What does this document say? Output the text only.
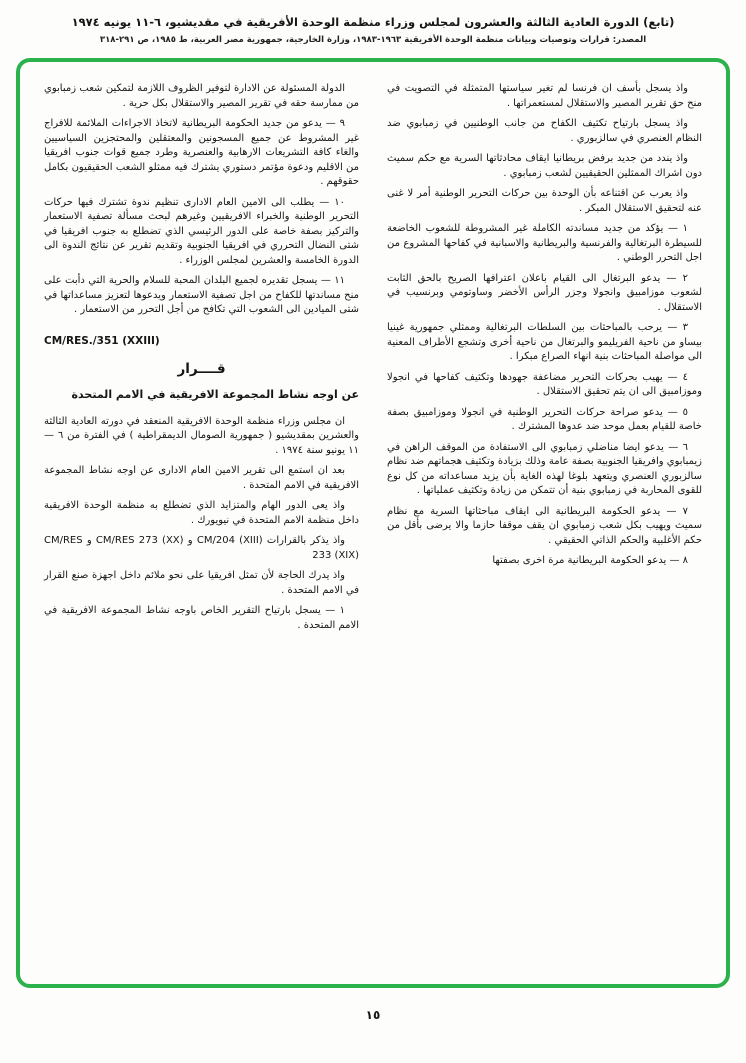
(تابع) الدورة العادية الثالثة والعشرون لمجلس وزراء منظمة الوحدة الأفريقية في مقديشيو، ٦-١١ يونيه ١٩٧٤
المصدر: قرارات وتوصيات وبيانات منظمة الوحدة الأفريقية ١٩٦٣-١٩٨٣، وزارة الخارجية، جمهورية مصر العربية، ط ١٩٨٥، ص ٢٩١-٣١٨

واذ يسجل بأسف ان فرنسا لم تغير سياستها المتمثلة في التصويت في منح حق تقرير المصير والاستقلال لمستعمراتها .

واذ يسجل بارتياح تكثيف الكفاح من جانب الوطنيين في زمبابوي ضد النظام العنصري في سالزبوري .

واذ يندد من جديد برفض بريطانيا ايقاف محادثاتها السرية مع حكم سميث دون اشراك الممثلين الحقيقيين لشعب زمبابوي .

واذ يعرب عن اقتناعه بأن الوحدة بين حركات التحرير الوطنية أمر لا غنى عنه لتحقيق الاستقلال المبكر .

١ — يؤكد من جديد مساندته الكاملة غير المشروطة للشعوب الخاضعة للسيطرة البرتغالية والفرنسية والبريطانية والاسبانية في كفاحها المشروع من اجل التحرر الوطني .

٢ — يدعو البرتغال الى القيام باعلان اعترافها الصريح بالحق الثابت لشعوب موزامبيق وانجولا وجزر الرأس الأخضر وساوتومي وبرنسيب في الاستقلال .

٣ — يرحب بالمباحثات بين السلطات البرتغالية وممثلي جمهورية غينيا بيساو من ناحية الفريليمو والبرتغال من ناحية أخرى وتشجع الأطراف المعنية الى مواصلة المباحثات بنية انهاء الصراع مبكرا .

٤ — يهيب بحركات التحرير مضاعفة جهودها وتكثيف كفاحها في انجولا وموزامبيق الى ان يتم تحقيق الاستقلال .

٥ — يدعو صراحة حركات التحرير الوطنية في انجولا وموزامبيق بصفة خاصة للقيام بعمل موحد ضد عدوها المشترك .

٦ — يدعو ايضا مناضلي زمبابوي الى الاستفادة من الموقف الراهن في زيمبابوي وافريقيا الجنوبية بصفة عامة وذلك بزيادة وتكثيف هجماتهم ضد نظام سالزبوري العنصري ويتعهد بلوغا لهذه الغاية بأن يزيد مساعداته من كل نوع للقوى المحاربة في زمبابوي بنية أن تتمكن من زيادة وتكثيف عملياتها .

٧ — يدعو الحكومة البريطانية الى ايقاف مباحثاتها السرية مع نظام سميث ويهيب بكل شعب زمبابوي ان يقف موقفا حازما والا يرضى بأقل من حكم الأغلبية والحكم الذاتي الحقيقي .

٨ — يدعو الحكومة البريطانية مرة اخرى بصفتها

الدولة المسئولة عن الادارة لتوفير الظروف اللازمة لتمكين شعب زمبابوي من ممارسة حقه في تقرير المصير والاستقلال بكل حرية .

٩ — يدعو من جديد الحكومة البريطانية لاتخاذ الاجراءات الملائمة للافراج غير المشروط عن جميع المسجونين والمعتقلين والمحتجزين السياسيين والغاء كافة التشريعات الارهابية والعنصرية وطرد جميع قوات جنوب افريقيا من الاقليم ودعوة مؤتمر دستوري يشترك فيه ممثلو الشعب الحقيقيون بكامل حقوقهم .

١٠ — يطلب الى الامين العام الادارى تنظيم ندوة تشترك فيها حركات التحرير الوطنية والخبراء الافريقيين وغيرهم لبحث مسألة تصفية الاستعمار والتركيز بصفة خاصة على الدور الرئيسي الذي تضطلع به جنوب افريقيا في شتى النضال التحرري في افريقيا الجنوبية وتقديم تقرير عن نتائج الندوة الى الدورة الخامسة والعشرين لمجلس الوزراء .

١١ — يسجل تقديره لجميع البلدان المحبة للسلام والحرية التي دأبت على منح مساندتها للكفاح من اجل تصفية الاستعمار ويدعوها لتعزيز مساعداتها في شتى الميادين الى الشعوب التي تكافح من أجل التحرر من الاستعمار .

CM/RES./351 (XXIII)
قــــرار
عن اوجه نشاط المجموعة الافريقية في الامم المتحدة

ان مجلس وزراء منظمة الوحدة الافريقية المنعقد في دورته العادية الثالثة والعشرين بمقديشيو ( جمهورية الصومال الديمقراطية ) في الفترة من ٦ — ١١ يونيو سنة ١٩٧٤ .

بعد ان استمع الى تقرير الامين العام الادارى عن اوجه نشاط المجموعة الافريقية في الامم المتحدة .

واذ يعى الدور الهام والمتزايد الذي تضطلع به منظمة الوحدة الافريقية داخل منظمة الامم المتحدة في نيويورك .

واذ يذكر بالقرارات CM/204 (XIII) و CM/RES 273 (XX) و CM/RES 233 (XIX)

واذ يدرك الحاجة لأن تمثل افريقيا على نحو ملائم داخل اجهزة صنع القرار في الامم المتحدة .

١ — يسجل بارتياح التقرير الخاص باوجه نشاط المجموعة الافريقية في الامم المتحدة .

١٥
